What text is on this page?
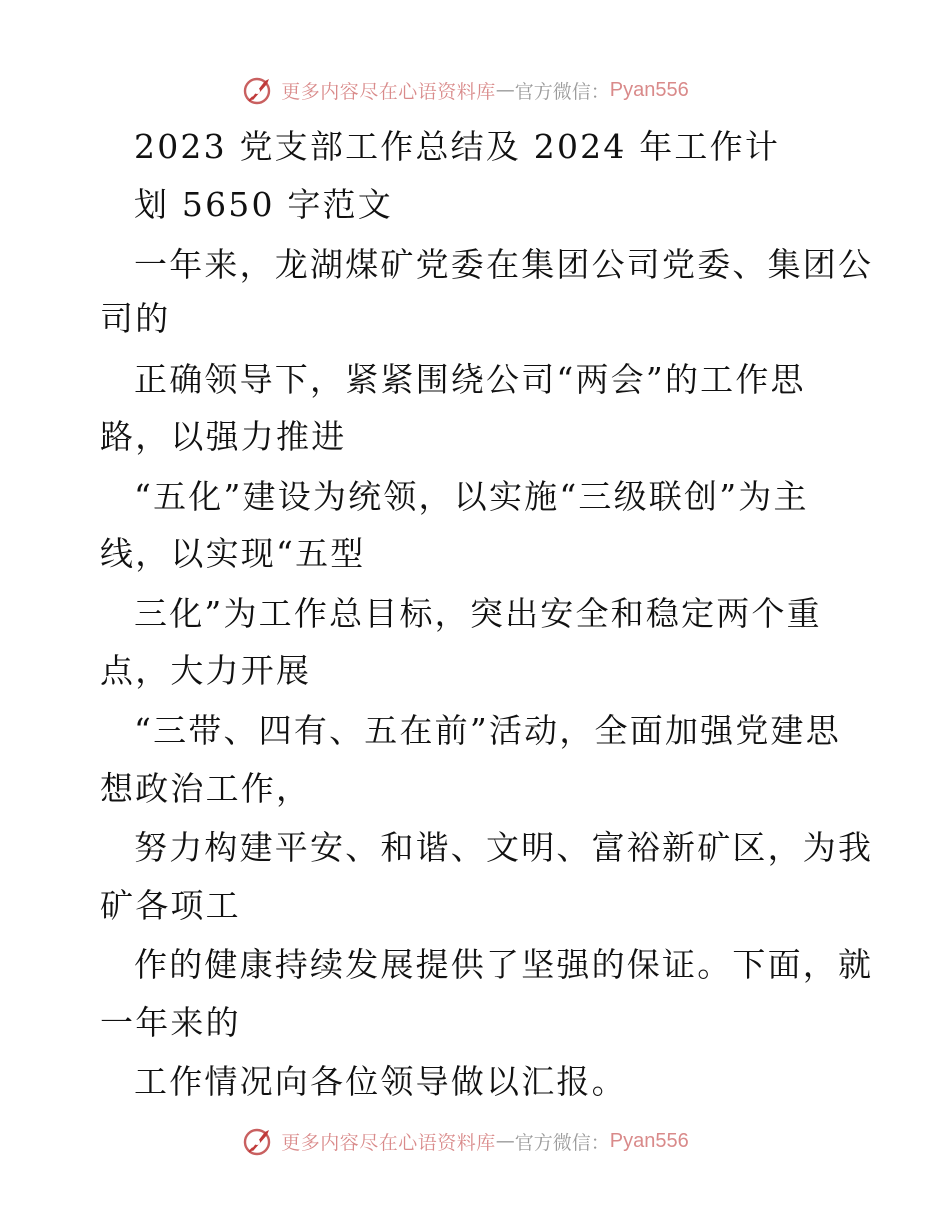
更多内容尽在心语资料库 — 官方微信： Pyan556
2023 党支部工作总结及 2024 年工作计
划 5650 字范文
一年来，龙湖煤矿党委在集团公司党委、集团公
司的
正确领导下，紧紧围绕公司“两会”的工作思
路，以强力推进
“五化”建设为统领，以实施“三级联创”为主
线，以实现“五型
三化”为工作总目标，突出安全和稳定两个重
点，大力开展
“三带、四有、五在前”活动，全面加强党建思
想政治工作，
努力构建平安、和谐、文明、富裕新矿区，为我
矿各项工
作的健康持续发展提供了坚强的保证。下面，就
一年来的
工作情况向各位领导做以汇报。
更多内容尽在心语资料库 — 官方微信： Pyan556
